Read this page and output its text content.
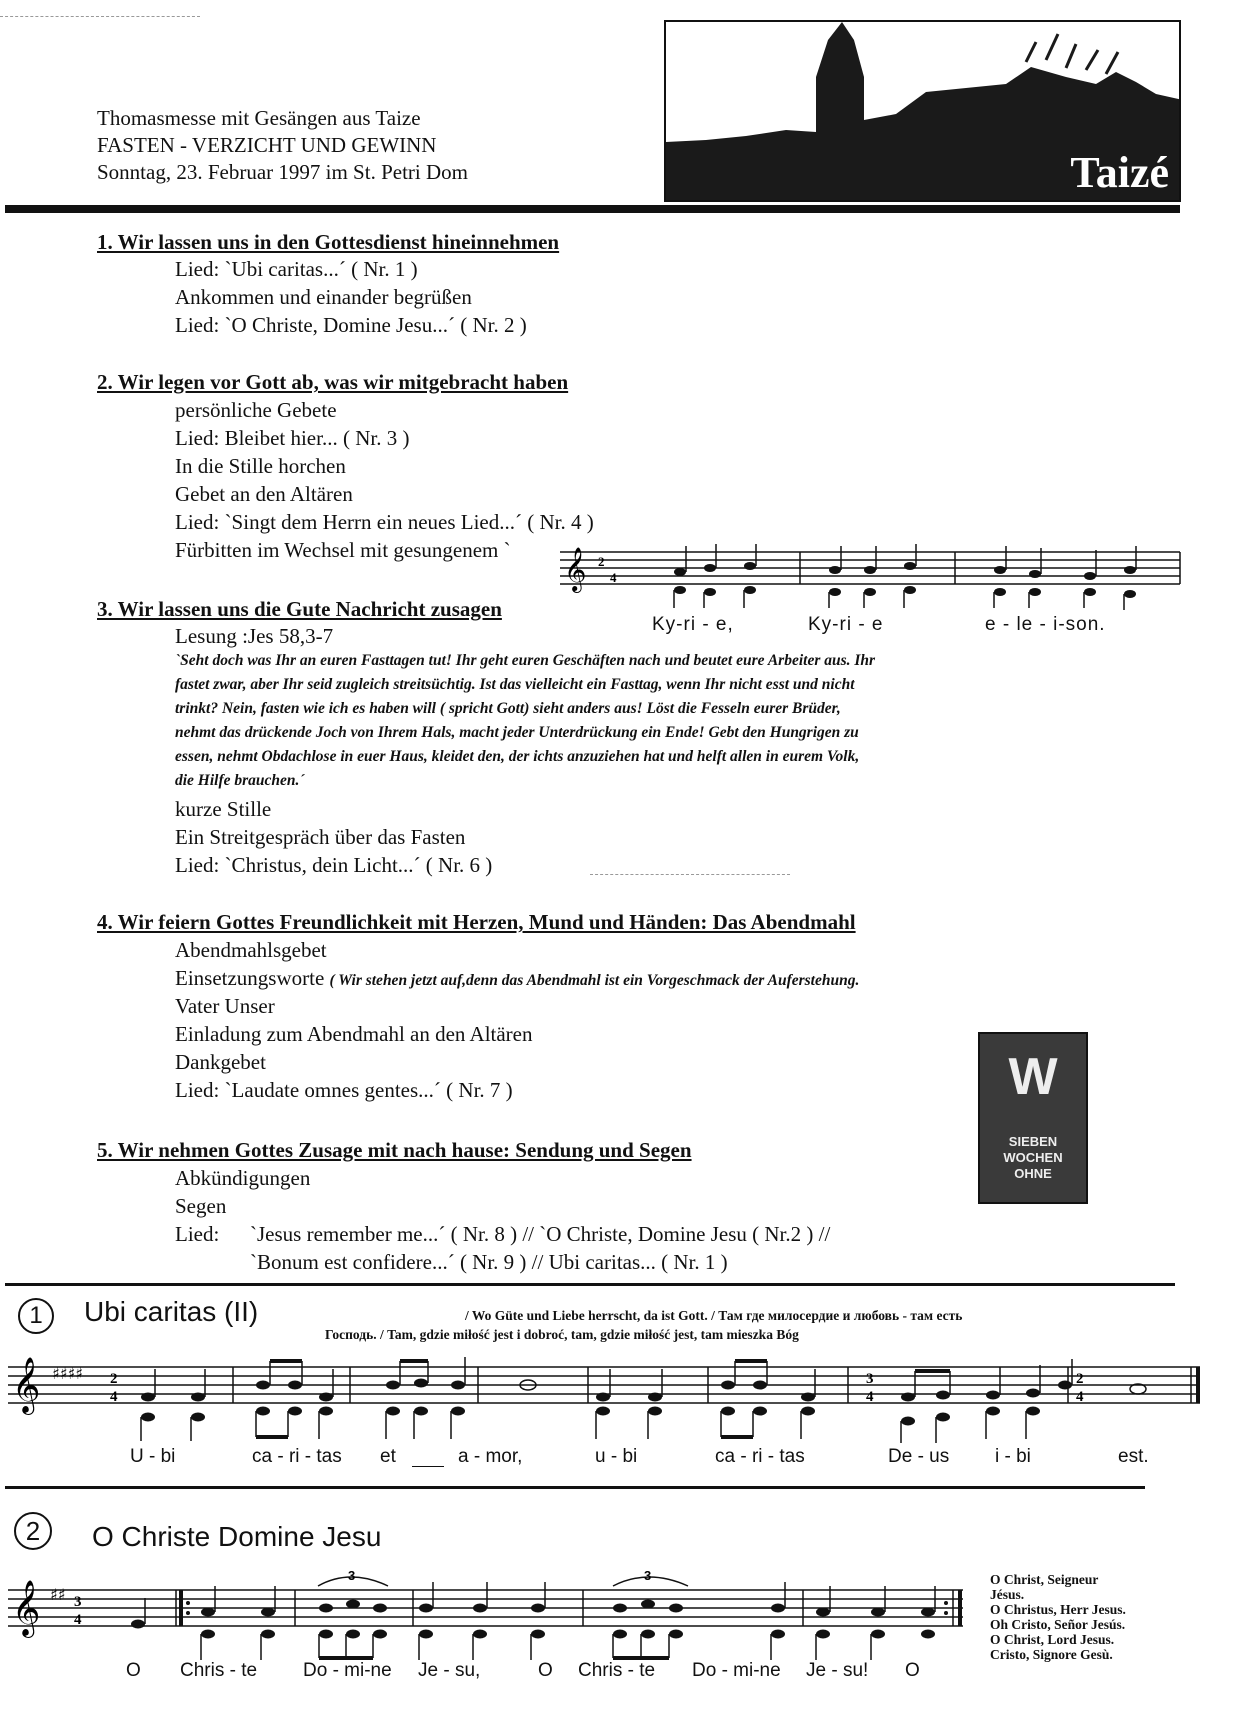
Thomasmesse mit Gesängen aus Taize
FASTEN - VERZICHT UND GEWINN
Sonntag, 23. Februar 1997 im St. Petri Dom	Taizé
1. Wir lassen uns in den Gottesdienst hineinnehmen
Lied: `Ubi caritas...´ ( Nr. 1 )
Ankommen und einander begrüßen
Lied: `O Christe, Domine Jesu...´ ( Nr. 2 )
2. Wir legen vor Gott ab, was wir mitgebracht haben
persönliche Gebete
Lied: Bleibet hier... ( Nr. 3 )
In die Stille horchen
Gebet an den Altären
Lied: `Singt dem Herrn ein neues Lied...´ ( Nr. 4 )
Fürbitten im Wechsel mit gesungenem ` 𝄞 2
4
Ky-ri - e,	Ky-ri - e	e - le - i-son.
3. Wir lassen uns die Gute Nachricht zusagen
Lesung :Jes 58,3-7
`Seht doch was Ihr an euren Fasttagen tut! Ihr geht euren Geschäften nach und beutet eure Arbeiter aus. Ihr
fastet zwar, aber Ihr seid zugleich streitsüchtig. Ist das vielleicht ein Fasttag, wenn Ihr nicht esst und nicht
trinkt? Nein, fasten wie ich es haben will ( spricht Gott) sieht anders aus! Löst die Fesseln eurer Brüder,
nehmt das drückende Joch von Ihrem Hals, macht jeder Unterdrückung ein Ende! Gebt den Hungrigen zu
essen, nehmt Obdachlose in euer Haus, kleidet den, der ichts anzuziehen hat und helft allen in eurem Volk,
die Hilfe brauchen.´
kurze Stille
Ein Streitgespräch über das Fasten
Lied: `Christus, dein Licht...´ ( Nr. 6 )
4. Wir feiern Gottes Freundlichkeit mit Herzen, Mund und Händen: Das Abendmahl
Abendmahlsgebet
Einsetzungsworte ( Wir stehen jetzt auf,denn das Abendmahl ist ein Vorgeschmack der Auferstehung.
Vater Unser
Einladung zum Abendmahl an den Altären
Dankgebet
Lied: `Laudate omnes gentes...´ ( Nr. 7 )	W
SIEBEN
WOCHEN
OHNE
5. Wir nehmen Gottes Zusage mit nach hause: Sendung und Segen
Abkündigungen
Segen
Lied: `Jesus remember me...´ ( Nr. 8 ) // `O Christe, Domine Jesu ( Nr.2 ) //
`Bonum est confidere...´ ( Nr. 9 ) // Ubi caritas... ( Nr. 1 )
1	Ubi caritas (II)	/ Wo Güte und Liebe herrscht, da ist Gott. / Там где милосердие и любовь - там есть
Господь. / Tam, gdzie miłość jest i dobroć, tam, gdzie miłość jest, tam mieszka Bóg
𝄞 ♯♯♯♯ 2
4
3
4
2
4
U - bi	ca - ri - tas et	a - mor,	u - bi	ca - ri - tas	De - us i - bi	est.
2	O Christe Domine Jesu
𝄞 ♯♯ 3
4
3	3
O Chris - te Do - mi-ne Je - su,	O Chris - te Do - mi-ne Je - su! O
O Christ, Seigneur
Jésus.
O Christus, Herr Jesus.
Oh Cristo, Señor Jesús.
O Christ, Lord Jesus.
Cristo, Signore Gesù.
